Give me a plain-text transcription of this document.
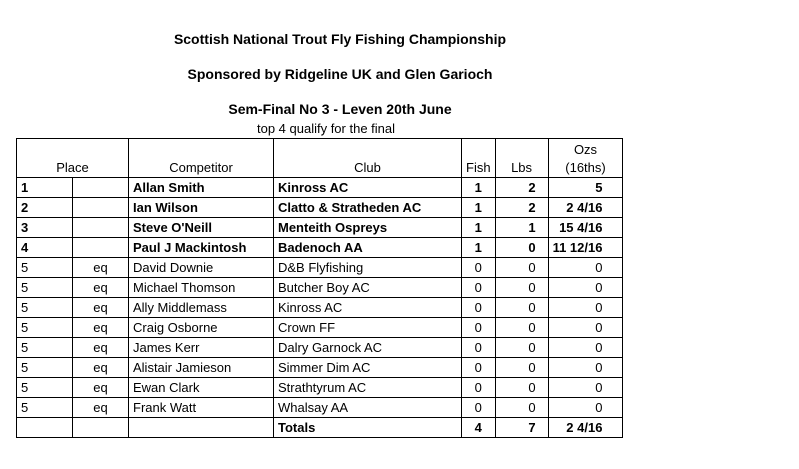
Scottish National Trout Fly Fishing Championship
Sponsored by Ridgeline UK and Glen Garioch
Sem-Final No 3 - Leven 20th June
top 4 qualify for the final
Place		Competitor	Club	Fish	Lbs	Ozs
(16ths)
1		Allan Smith	Kinross AC	1	2	5
2		Ian Wilson	Clatto & Stratheden AC	1	2	2 4/16
3		Steve O'Neill	Menteith Ospreys	1	1	15 4/16
4		Paul J Mackintosh	Badenoch AA	1	0	11 12/16
5	eq	David Downie	D&B Flyfishing	0	0	0
5	eq	Michael Thomson	Butcher Boy AC	0	0	0
5	eq	Ally Middlemass	Kinross AC	0	0	0
5	eq	Craig Osborne	Crown FF	0	0	0
5	eq	James Kerr	Dalry Garnock AC	0	0	0
5	eq	Alistair Jamieson	Simmer Dim AC	0	0	0
5	eq	Ewan Clark	Strathtyrum AC	0	0	0
5	eq	Frank Watt	Whalsay AA	0	0	0
			Totals	4	7	2 4/16
